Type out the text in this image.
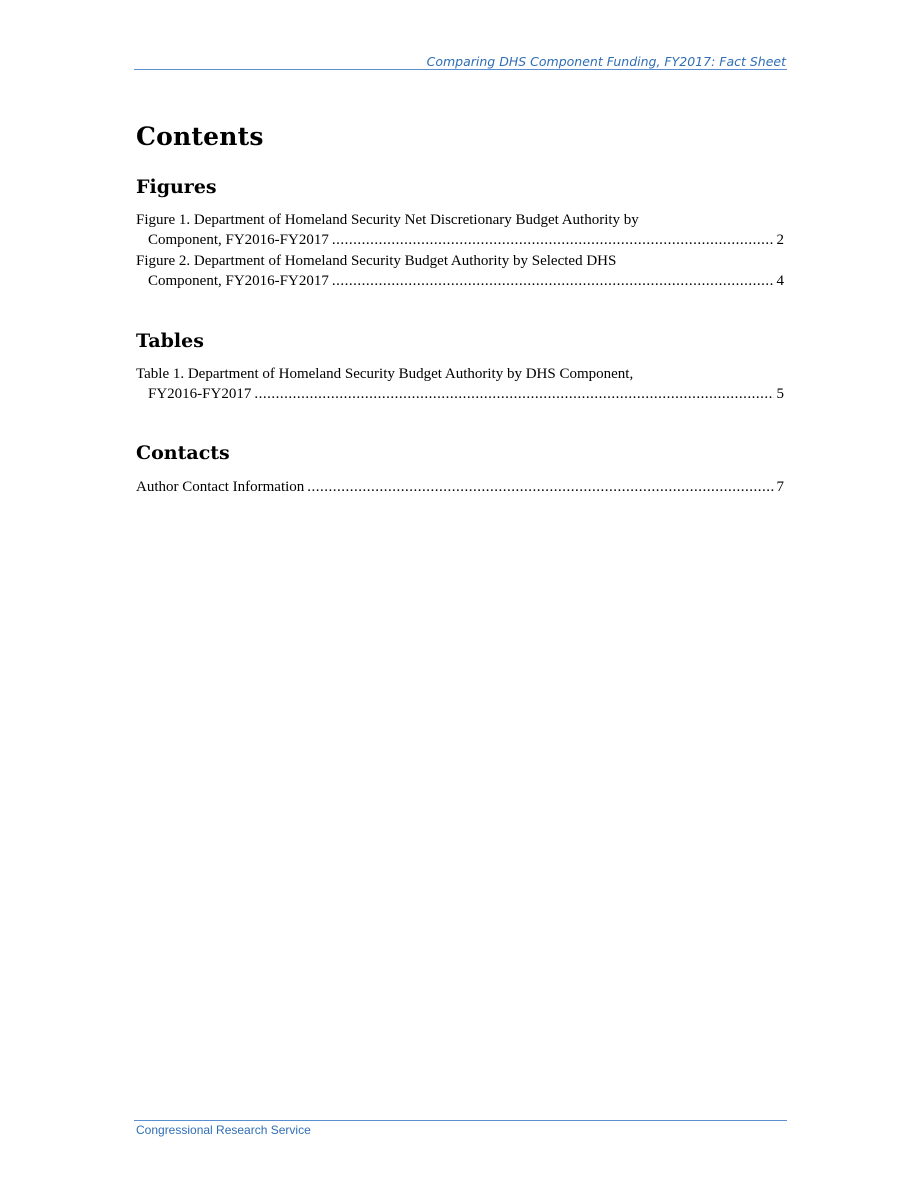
Comparing DHS Component Funding, FY2017: Fact Sheet
Contents
Figures
Figure 1. Department of Homeland Security Net Discretionary Budget Authority by
Component, FY2016-FY2017 .....	2
Figure 2. Department of Homeland Security Budget Authority by Selected DHS
Component, FY2016-FY2017 .....	4
Tables
Table 1. Department of Homeland Security Budget Authority by DHS Component,
FY2016-FY2017 .....	5
Contacts
Author Contact Information .....	7
Congressional Research Service
